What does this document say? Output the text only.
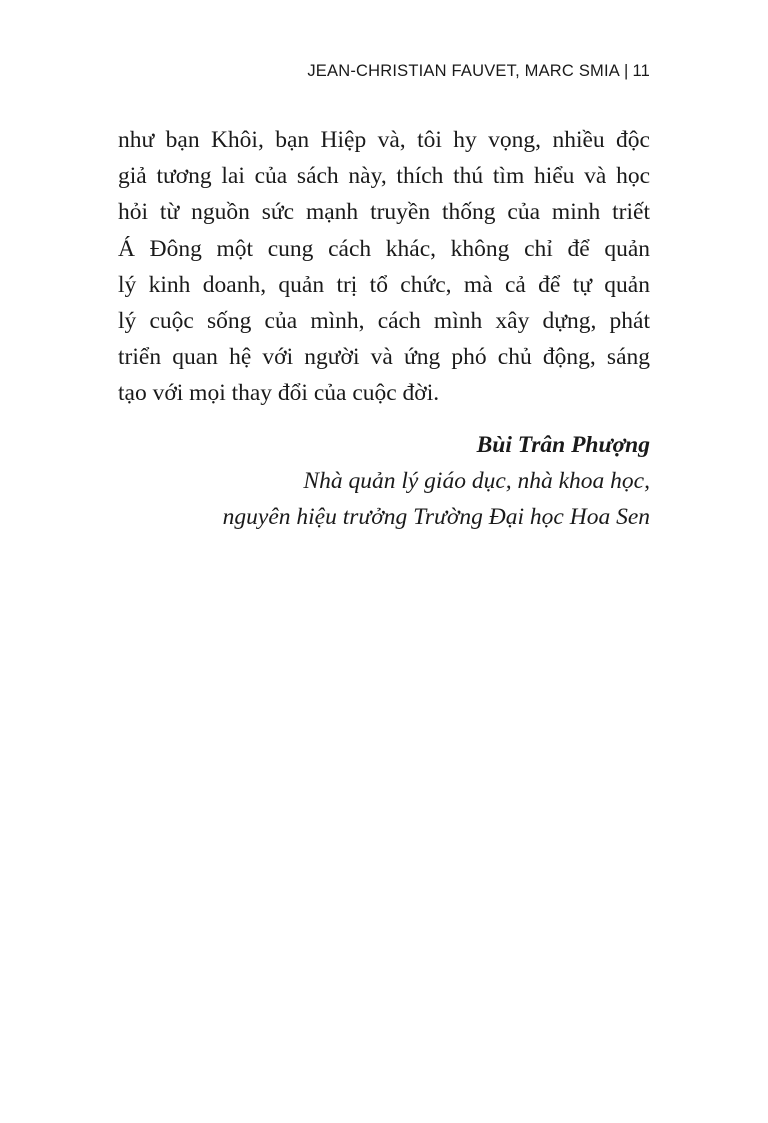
JEAN-CHRISTIAN FAUVET, MARC SMIA | 11
như bạn Khôi, bạn Hiệp và, tôi hy vọng, nhiều độc
giả tương lai của sách này, thích thú tìm hiểu và học
hỏi từ nguồn sức mạnh truyền thống của minh triết
Á Đông một cung cách khác, không chỉ để quản
lý kinh doanh, quản trị tổ chức, mà cả để tự quản
lý cuộc sống của mình, cách mình xây dựng, phát
triển quan hệ với người và ứng phó chủ động, sáng
tạo với mọi thay đổi của cuộc đời.
Bùi Trân Phượng
Nhà quản lý giáo dục, nhà khoa học,
nguyên hiệu trưởng Trường Đại học Hoa Sen
